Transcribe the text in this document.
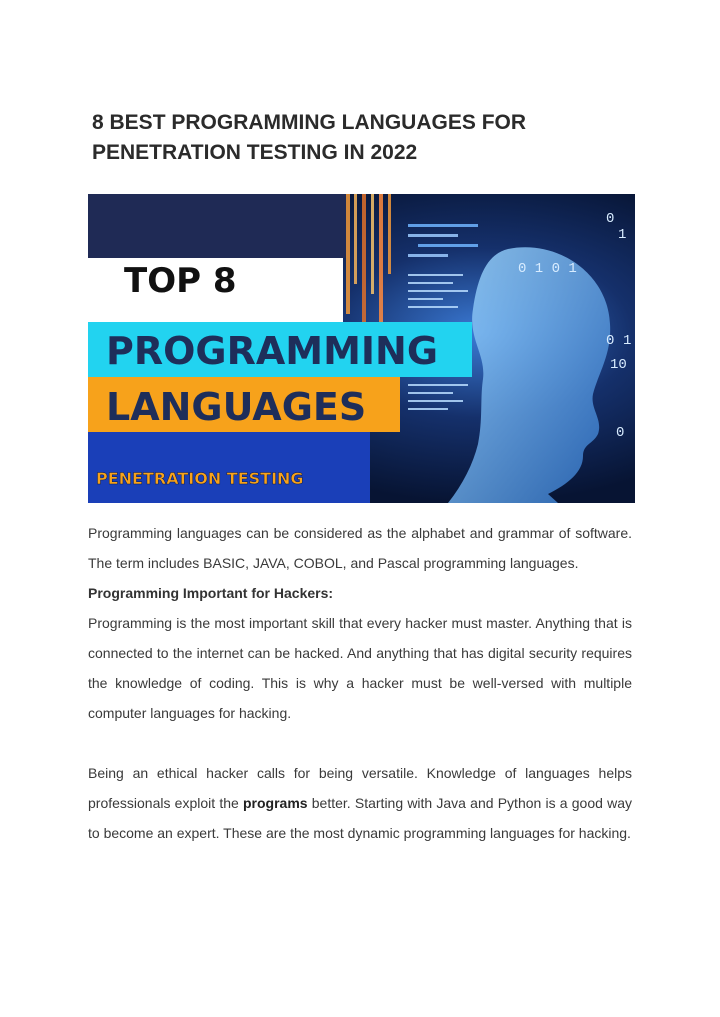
8 BEST PROGRAMMING LANGUAGES FOR
PENETRATION TESTING IN 2022
0
1
0 1
10
0
0 1 0 1
TOP 8
PROGRAMMING
LANGUAGES
PENETRATION TESTING

Programming languages can be considered as the alphabet and grammar of software. The term includes BASIC, JAVA, COBOL, and Pascal programming languages.

Programming Important for Hackers:

Programming is the most important skill that every hacker must master. Anything that is connected to the internet can be hacked. And anything that has digital security requires the knowledge of coding. This is why a hacker must be well-versed with multiple computer languages for hacking.

Being an ethical hacker calls for being versatile. Knowledge of languages helps professionals exploit the programs better. Starting with Java and Python is a good way to become an expert. These are the most dynamic programming languages for hacking.
